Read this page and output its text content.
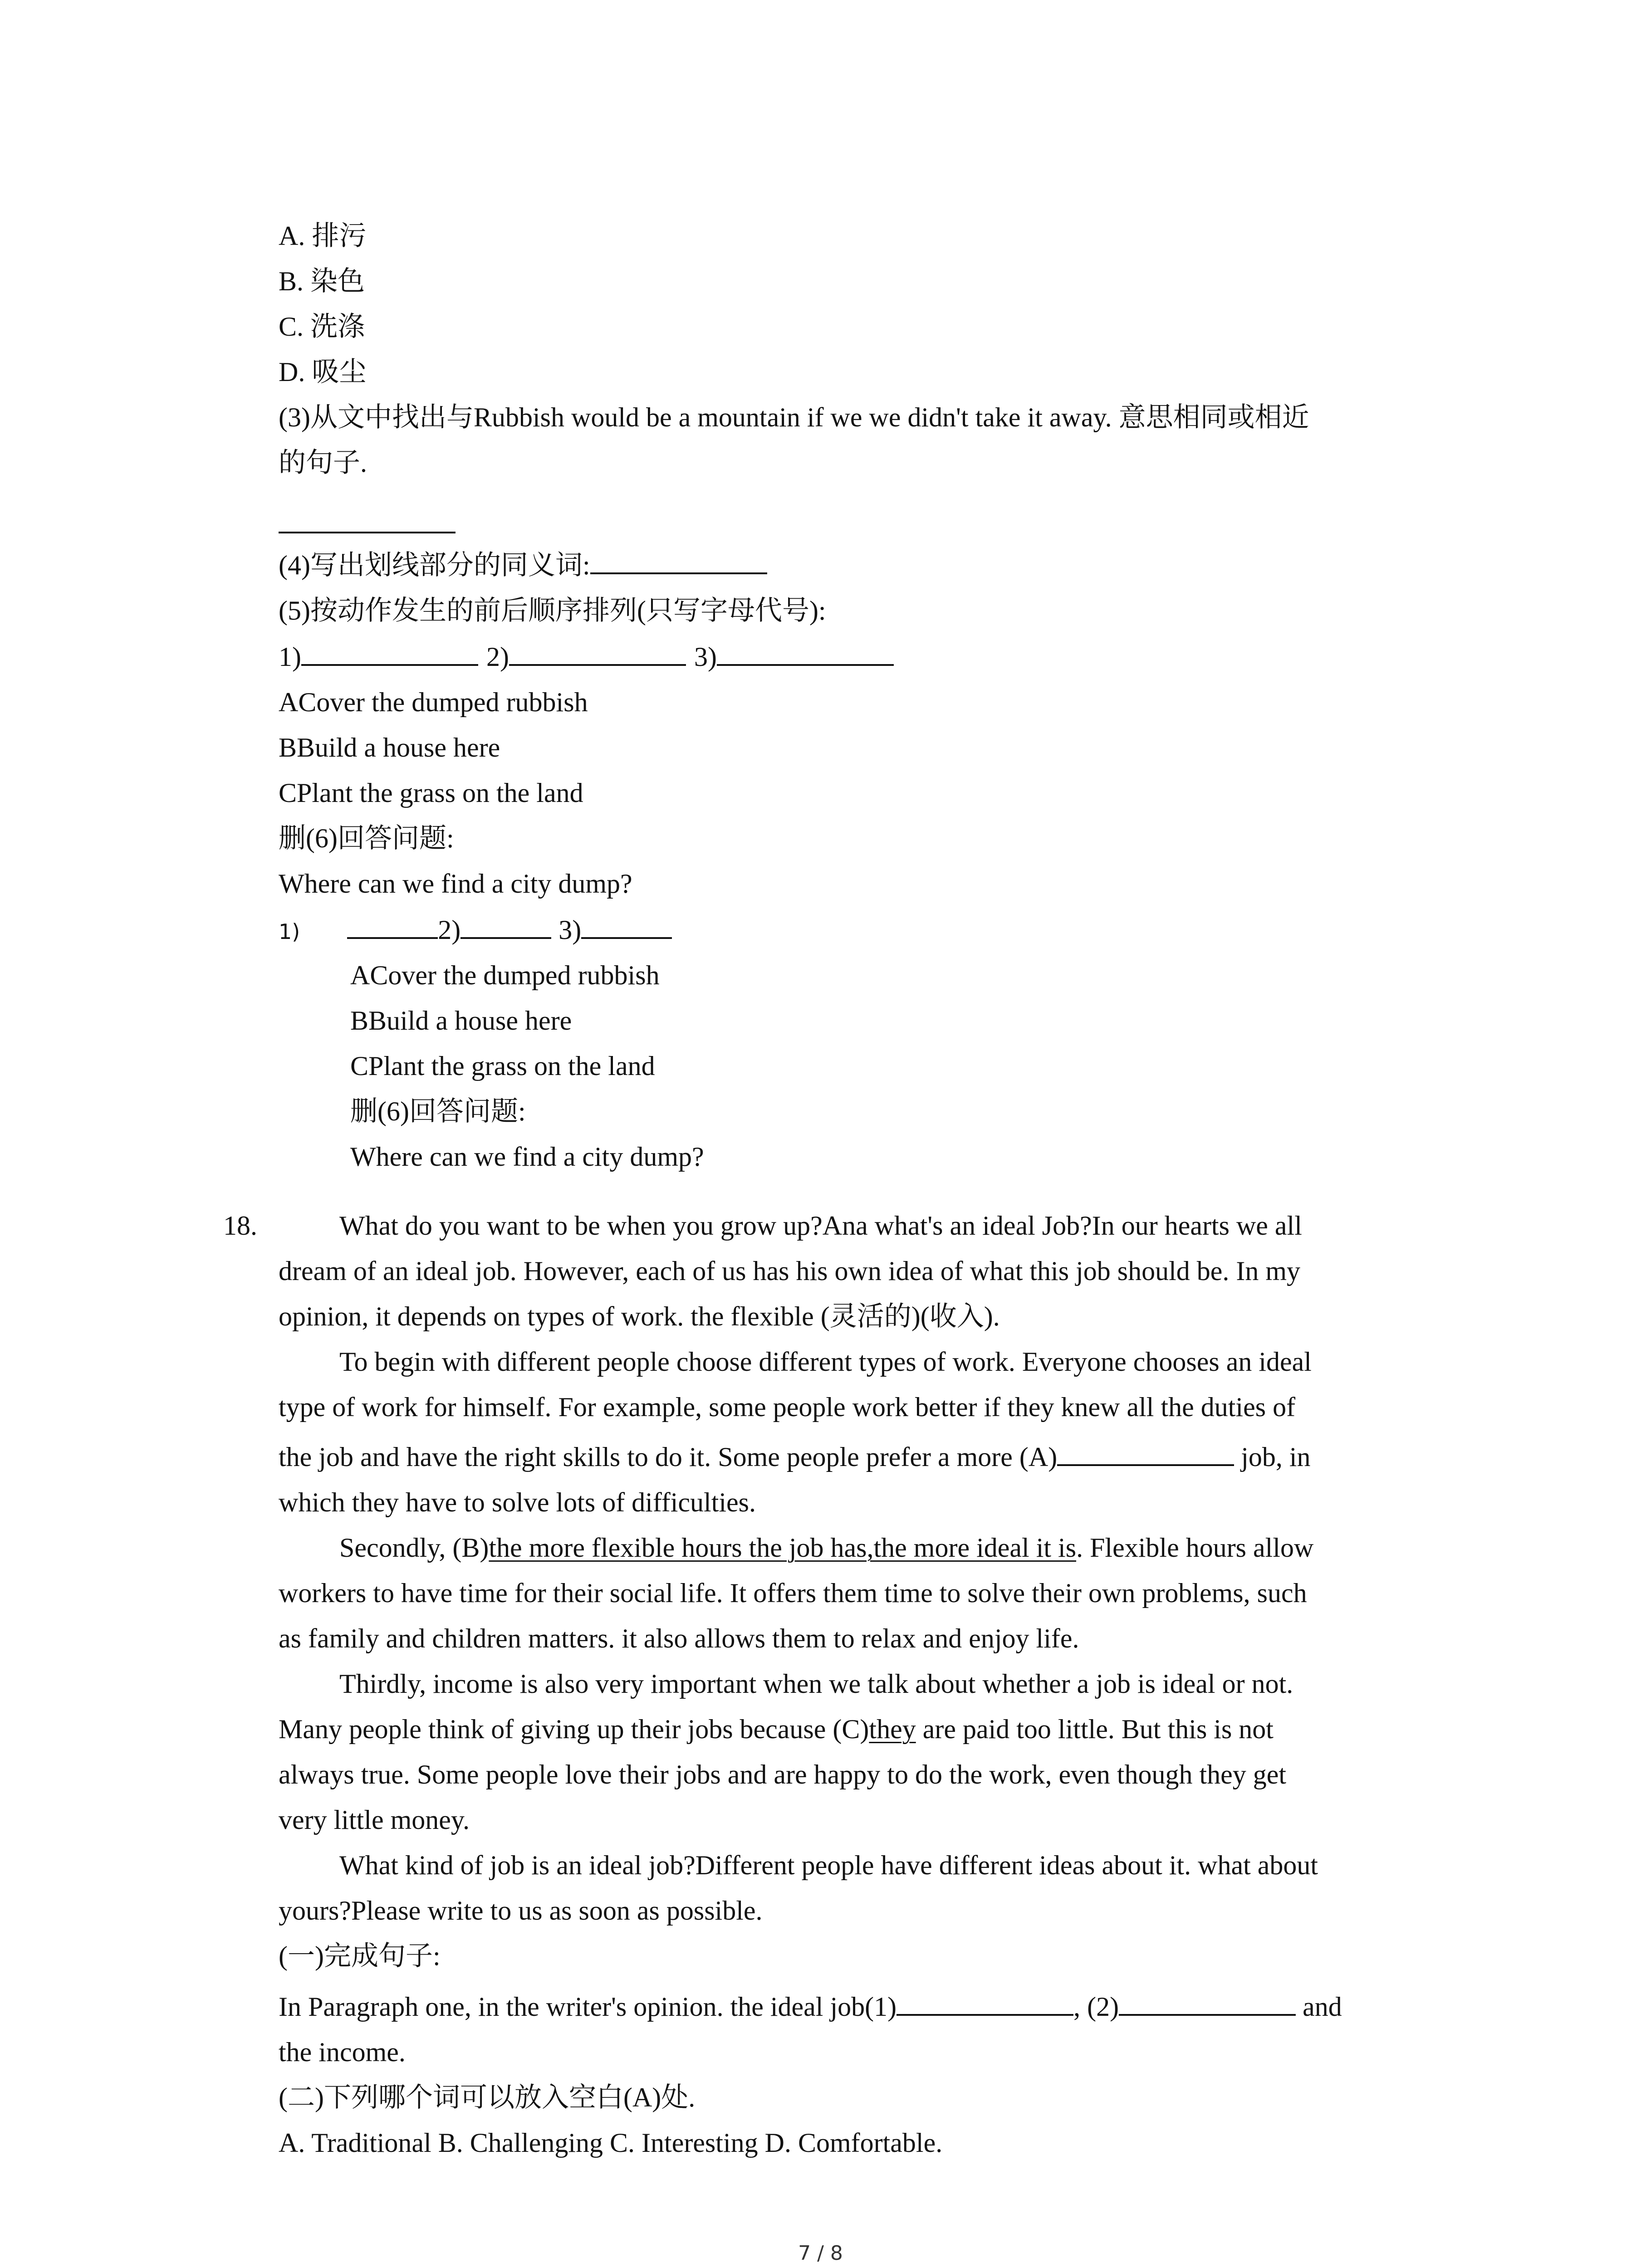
A. 排污
B. 染色
C. 洗涤
D. 吸尘
(3)从文中找出与Rubbish would be a mountain if we we didn't take it away. 意思相同或相近
的句子.
(4)写出划线部分的同义词:
(5)按动作发生的前后顺序排列(只写字母代号):
1)	2)	3)
ACover the dumped rubbish
BBuild a house here
CPlant the grass on the land
删(6)回答问题:
Where can we find a city dump?
1)	2)	3)
ACover the dumped rubbish
BBuild a house here
CPlant the grass on the land
删(6)回答问题:
Where can we find a city dump?
18.	What do you want to be when you grow up?Ana what's an ideal Job?In our hearts we all
dream of an ideal job. However, each of us has his own idea of what this job should be. In my
opinion, it depends on types of work. the flexible (灵活的)(收入).
To begin with different people choose different types of work. Everyone chooses an ideal
type of work for himself. For example, some people work better if they knew all the duties of
the job and have the right skills to do it. Some people prefer a more (A)	job, in
which they have to solve lots of difficulties.
Secondly, (B)the more flexible hours the job has,the more ideal it is. Flexible hours allow
workers to have time for their social life. It offers them time to solve their own problems, such
as family and children matters. it also allows them to relax and enjoy life.
Thirdly, income is also very important when we talk about whether a job is ideal or not.
Many people think of giving up their jobs because (C)they are paid too little. But this is not
always true. Some people love their jobs and are happy to do the work, even though they get
very little money.
What kind of job is an ideal job?Different people have different ideas about it. what about
yours?Please write to us as soon as possible.
(一)完成句子:
In Paragraph one, in the writer's opinion. the ideal job(1)	, (2)	and
the income.
(二)下列哪个词可以放入空白(A)处.
A. Traditional B. Challenging C. Interesting D. Comfortable.
7 / 8
